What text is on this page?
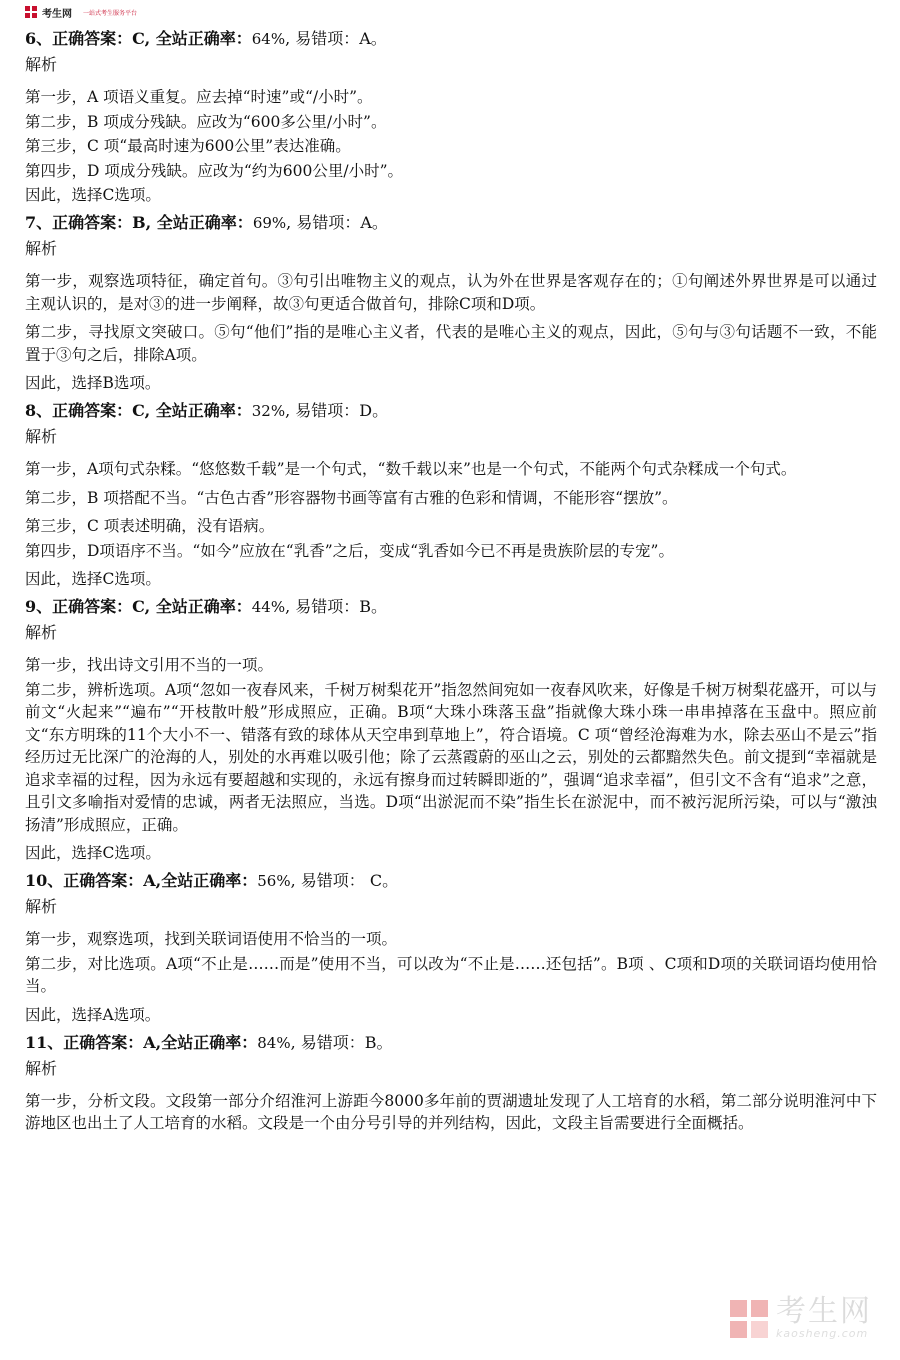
考生网 一站式考生服务平台
6、正确答案：C, 全站正确率：64%, 易错项：A。
解析
第一步，A 项语义重复。应去掉“时速”或“/小时”。
第二步，B 项成分残缺。应改为“600多公里/小时”。
第三步，C 项“最高时速为600公里”表达准确。
第四步，D 项成分残缺。应改为“约为600公里/小时”。
因此，选择C选项。
7、正确答案：B, 全站正确率：69%, 易错项：A。
解析
第一步，观察选项特征，确定首句。③句引出唯物主义的观点，认为外在世界是客观存在的；①句阐述外界世界是可以通过主观认识的，是对③的进一步阐释，故③句更适合做首句，排除C项和D项。
第二步，寻找原文突破口。⑤句“他们”指的是唯心主义者，代表的是唯心主义的观点，因此，⑤句与③句话题不一致，不能置于③句之后，排除A项。
因此，选择B选项。
8、正确答案：C, 全站正确率：32%, 易错项：D。
解析
第一步，A项句式杂糅。“悠悠数千载”是一个句式，“数千载以来”也是一个句式，不能两个句式杂糅成一个句式。
第二步，B 项搭配不当。“古色古香”形容器物书画等富有古雅的色彩和情调，不能形容“摆放”。
第三步，C 项表述明确，没有语病。
第四步，D项语序不当。“如今”应放在“乳香”之后，变成“乳香如今已不再是贵族阶层的专宠”。
因此，选择C选项。
9、正确答案：C, 全站正确率：44%, 易错项：B。
解析
第一步，找出诗文引用不当的一项。
第二步，辨析选项。A项“忽如一夜春风来，千树万树梨花开”指忽然间宛如一夜春风吹来，好像是千树万树梨花盛开，可以与前文“火起来”“遍布”“开枝散叶般”形成照应，正确。B项“大珠小珠落玉盘”指就像大珠小珠一串串掉落在玉盘中。照应前文“东方明珠的11个大小不一、错落有致的球体从天空串到草地上”，符合语境。C 项“曾经沧海难为水，除去巫山不是云”指经历过无比深广的沧海的人，别处的水再难以吸引他；除了云蒸霞蔚的巫山之云，别处的云都黯然失色。前文提到“幸福就是追求幸福的过程，因为永远有要超越和实现的，永远有擦身而过转瞬即逝的”，强调“追求幸福”，但引文不含有“追求”之意，且引文多喻指对爱情的忠诚，两者无法照应，当选。D项“出淤泥而不染”指生长在淤泥中，而不被污泥所污染，可以与“激浊扬清”形成照应，正确。
因此，选择C选项。
10、正确答案：A,全站正确率：56%, 易错项： C。
解析
第一步，观察选项，找到关联词语使用不恰当的一项。
第二步，对比选项。A项“不止是……而是”使用不当，可以改为“不止是……还包括”。B项 、C项和D项的关联词语均使用恰当。
因此，选择A选项。
11、正确答案：A,全站正确率：84%, 易错项：B。
解析
第一步，分析文段。文段第一部分介绍淮河上游距今8000多年前的贾湖遗址发现了人工培育的水稻，第二部分说明淮河中下游地区也出土了人工培育的水稻。文段是一个由分号引导的并列结构，因此，文段主旨需要进行全面概括。
考生网
kaosheng.com
